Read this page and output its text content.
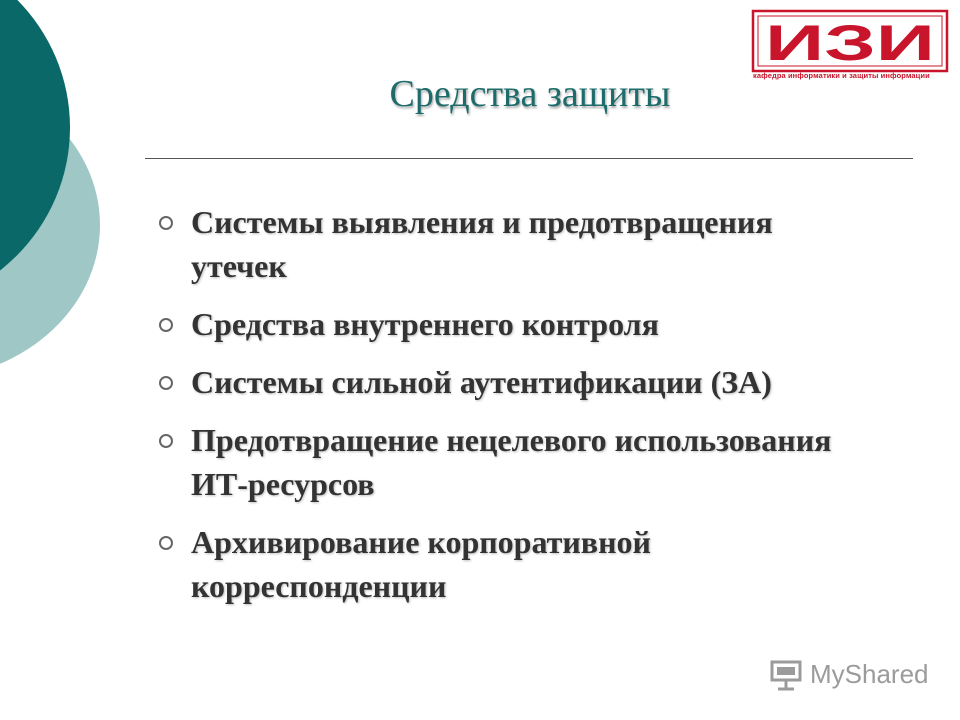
ИЗИ
кафедра информатики и защиты информации
Средства защиты
Системы выявления и предотвращения утечек
Средства внутреннего контроля
Системы сильной аутентификации (ЗА)
Предотвращение нецелевого использования ИТ-ресурсов
Архивирование корпоративной корреспонденции
MyShared
